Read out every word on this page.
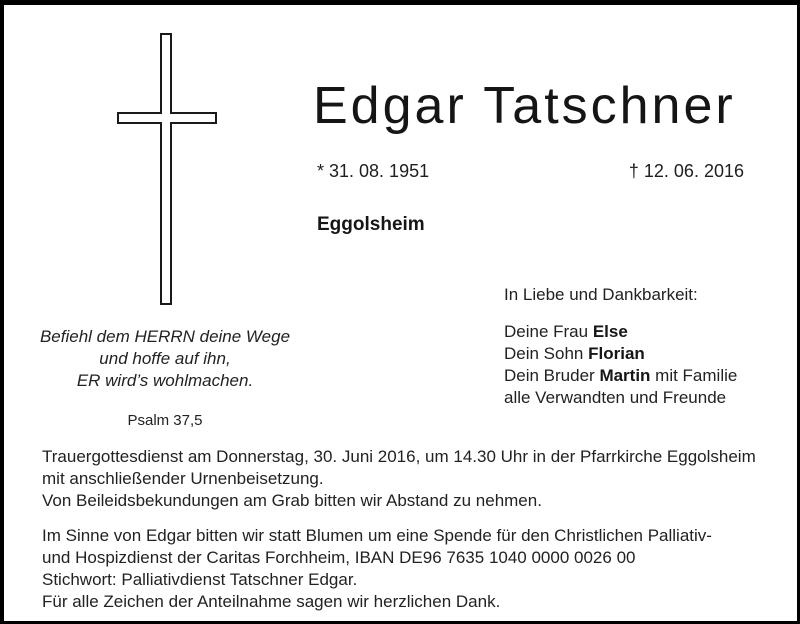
Edgar Tatschner
* 31. 08. 1951	† 12. 06. 2016
Eggolsheim
Befiehl dem HERRN deine Wege
und hoffe auf ihn,
ER wird’s wohlmachen.
Psalm 37,5
In Liebe und Dankbarkeit:
Deine Frau Else
Dein Sohn Florian
Dein Bruder Martin mit Familie
alle Verwandten und Freunde
Trauergottesdienst am Donnerstag, 30. Juni 2016, um 14.30 Uhr in der Pfarrkirche Eggolsheim
mit anschließender Urnenbeisetzung.
Von Beileidsbekundungen am Grab bitten wir Abstand zu nehmen.
Im Sinne von Edgar bitten wir statt Blumen um eine Spende für den Christlichen Palliativ-
und Hospizdienst der Caritas Forchheim, IBAN DE96 7635 1040 0000 0026 00
Stichwort: Palliativdienst Tatschner Edgar.
Für alle Zeichen der Anteilnahme sagen wir herzlichen Dank.
